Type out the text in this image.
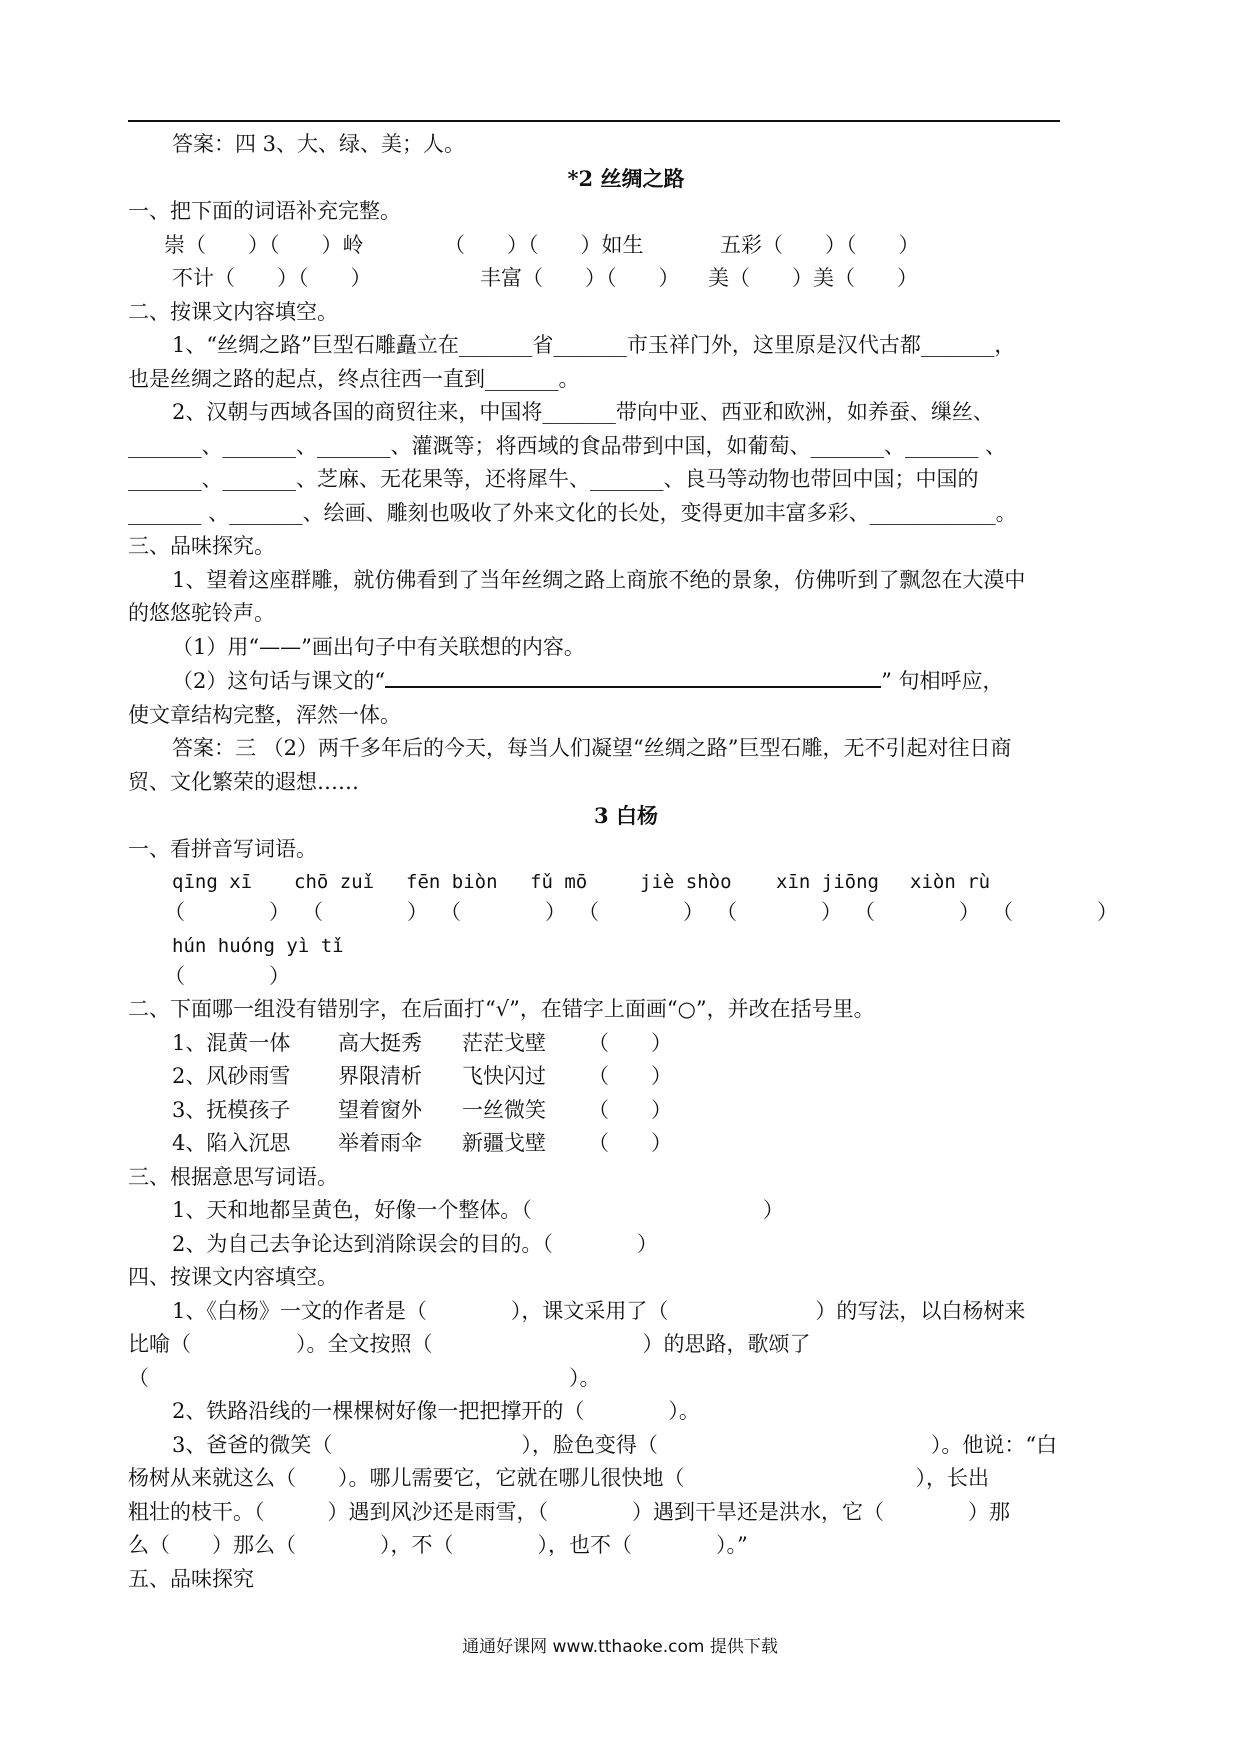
答案：四 3、大、绿、美；人。
*2 丝绸之路
一、把下面的词语补充完整。
崇（　　）（　　）岭	（　　）（　　）如生	五彩（　　）（　　）
不计（　　）（　　）	丰富（　　）（　　） 美（　　）美（　　）
二、按课文内容填空。
1、“丝绸之路”巨型石雕矗立在_______省_______市玉祥门外，这里原是汉代古都_______，
也是丝绸之路的起点，终点往西一直到_______。
2、汉朝与西域各国的商贸往来，中国将_______带向中亚、西亚和欧洲，如养蚕、缫丝、
_______、_______、_______、灌溉等；将西域的食品带到中国，如葡萄、_______、_______ 、
_______、_______、芝麻、无花果等，还将犀牛、_______、良马等动物也带回中国；中国的
_______ 、_______、绘画、雕刻也吸收了外来文化的长处，变得更加丰富多彩、____________。
三、品味探究。
1、望着这座群雕，就仿佛看到了当年丝绸之路上商旅不绝的景象，仿佛听到了飘忽在大漠中
的悠悠驼铃声。
（1）用“——”画出句子中有关联想的内容。
（2）这句话与课文的“	” 句相呼应，
使文章结构完整，浑然一体。
答案：三 （2）两千多年后的今天，每当人们凝望“丝绸之路”巨型石雕，无不引起对往日商
贸、文化繁荣的遐想……
3 白杨
一、看拼音写词语。
qīng xī chō zuǐ fēn biòn fǔ mō	jiè shòo xīn jiōng xiòn rù
（　　　　） （　　　　） （　　　　） （　　　　） （　　　　） （　　　　） （　　　　）
hún huóng yì tǐ
（　　　　）
二、下面哪一组没有错别字，在后面打“√”，在错字上面画“○”，并改在括号里。
1、混黄一体 高大挺秀 茫茫戈壁 （　　）
2、风砂雨雪 界限清析 飞快闪过 （　　）
3、抚模孩子 望着窗外 一丝微笑 （　　）
4、陷入沉思 举着雨伞 新疆戈壁 （　　）
三、根据意思写词语。
1、天和地都呈黄色，好像一个整体。（　　　　　　　　　　　）
2、为自己去争论达到消除误会的目的。（　　　　）
四、按课文内容填空。
1、《白杨》一文的作者是（　　　　），课文采用了（　　　　　　　）的写法，以白杨树来
比喻（　　　　　）。全文按照（　　　　　　　　　　）的思路，歌颂了
（　　　　　　　　　　　　　　　　　　　　）。
2、铁路沿线的一棵棵树好像一把把撑开的（　　　　）。
3、爸爸的微笑（　　　　　　　　　），脸色变得（　　　　　　　　　　　　　）。他说：“白
杨树从来就这么（　　）。哪儿需要它，它就在哪儿很快地（　　　　　　　　　　　），长出
粗壮的枝干。（　　　）遇到风沙还是雨雪，（　　　　）遇到干旱还是洪水，它（　　　　）那
么（　　）那么（　　　　），不（　　　　），也不（　　　　）。”
五、品味探究
通通好课网 www.tthaoke.com 提供下载
